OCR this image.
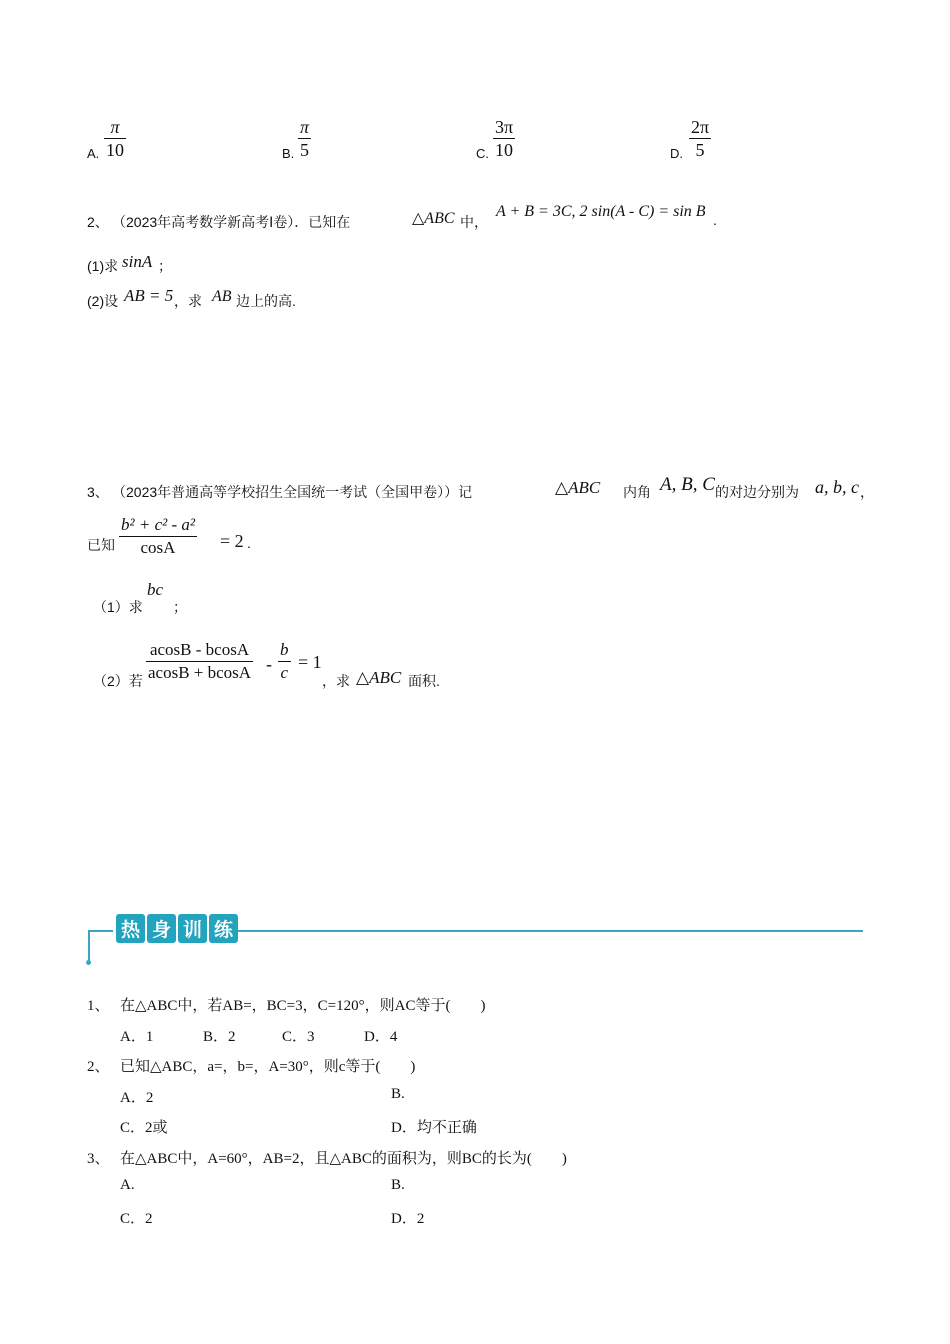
A.
π
10	B.
π
5	C.
3π
10	D.
2π
5
2、 （2023年高考数学新高考Ⅰ卷）．已知在	△ABC 中，
A + B = 3C, 2 sin(A - C) = sin B .
(1)求 sinA ；
(2)设 AB = 5 ，求 AB 边上的高.
3、 （2023年普通高等学校招生全国统一考试（全国甲卷））记	△ABC 内角 A, B, C 的对边分别为 a, b, c ，
已知
b² + c² - a²
cosA = 2 .
（1）求
bc
；
（2）若
acosB - bcosA
acosB + bcosA -
b
c
= 1
，求 △ABC 面积.
热 身 训 练
1、 在△ABC中，若AB=，BC=3，C=120°，则AC等于(　　)
A．1	B．2	C．3	D．4
2、 已知△ABC，a=，b=，A=30°，则c等于(　　)
A．2	B.
C．2或	D．均不正确
3、 在△ABC中，A=60°，AB=2，且△ABC的面积为，则BC的长为(　　)
A.	B.
C．2	D．2
